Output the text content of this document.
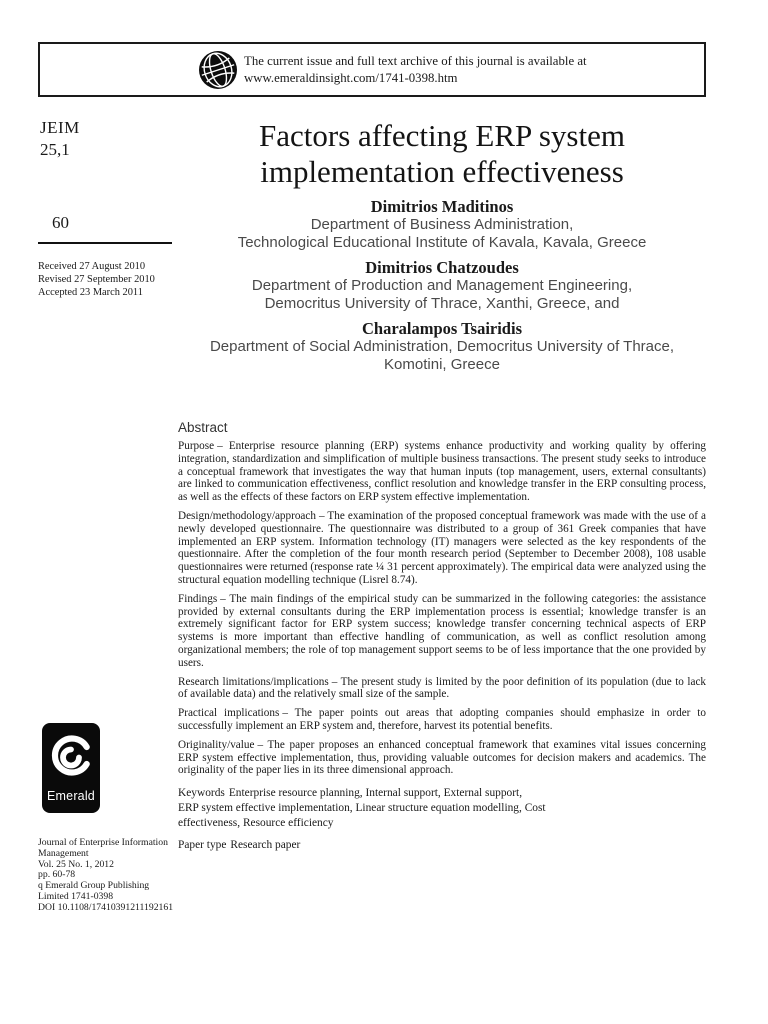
The current issue and full text archive of this journal is available at
www.emeraldinsight.com/1741-0398.htm
JEIM
25,1
60
Received 27 August 2010
Revised 27 September 2010
Accepted 23 March 2011
Factors affecting ERP system
implementation effectiveness
Dimitrios Maditinos
Department of Business Administration,
Technological Educational Institute of Kavala, Kavala, Greece
Dimitrios Chatzoudes
Department of Production and Management Engineering,
Democritus University of Thrace, Xanthi, Greece, and
Charalampos Tsairidis
Department of Social Administration, Democritus University of Thrace,
Komotini, Greece
Abstract

Purpose – Enterprise resource planning (ERP) systems enhance productivity and working quality by offering integration, standardization and simplification of multiple business transactions. The present study seeks to introduce a conceptual framework that investigates the way that human inputs (top management, users, external consultants) are linked to communication effectiveness, conflict resolution and knowledge transfer in the ERP consulting process, as well as the effects of these factors on ERP system effective implementation.

Design/methodology/approach – The examination of the proposed conceptual framework was made with the use of a newly developed questionnaire. The questionnaire was distributed to a group of 361 Greek companies that have implemented an ERP system. Information technology (IT) managers were selected as the key respondents of the questionnaire. After the completion of the four month research period (September to December 2008), 108 usable questionnaires were returned (response rate ¼ 31 percent approximately). The empirical data were analyzed using the structural equation modelling technique (Lisrel 8.74).

Findings – The main findings of the empirical study can be summarized in the following categories: the assistance provided by external consultants during the ERP implementation process is essential; knowledge transfer is an extremely significant factor for ERP system success; knowledge transfer concerning technical aspects of ERP systems is more important than effective handling of communication, as well as conflict resolution among organizational members; the role of top management support seems to be of less importance that the one provided by users.

Research limitations/implications – The present study is limited by the poor definition of its population (due to lack of available data) and the relatively small size of the sample.

Practical implications – The paper points out areas that adopting companies should emphasize in order to successfully implement an ERP system and, therefore, harvest its potential benefits.

Originality/value – The paper proposes an enhanced conceptual framework that examines vital issues concerning ERP system effective implementation, thus, providing valuable outcomes for decision makers and academics. The originality of the paper lies in its three dimensional approach.

Keywords Enterprise resource planning, Internal support, External support,
ERP system effective implementation, Linear structure equation modelling, Cost
effectiveness, Resource efficiency
Paper type Research paper
Emerald
Journal of Enterprise Information
Management
Vol. 25 No. 1, 2012
pp. 60-78
q Emerald Group Publishing
Limited 1741-0398
DOI 10.1108/17410391211192161
